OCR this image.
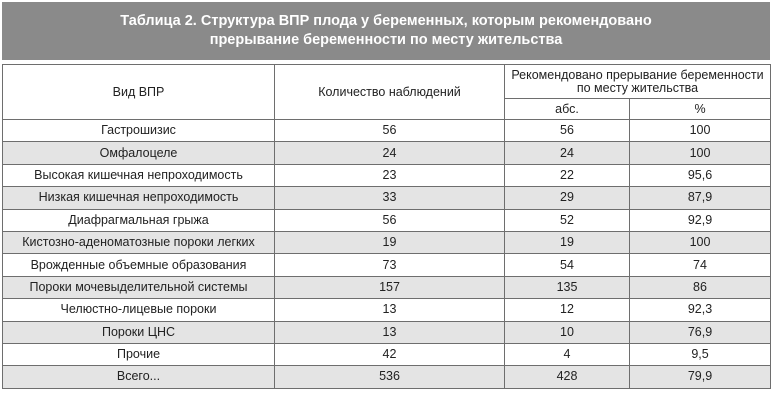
Таблица 2. Структура ВПР плода у беременных, которым рекомендовано
прерывание беременности по месту жительства
Вид ВПР	Количество наблюдений	Рекомендовано прерывание беременности по месту жительства	
		абс.	%
Гастрошизис	56	56	100
Омфалоцеле	24	24	100
Высокая кишечная непроходимость	23	22	95,6
Низкая кишечная непроходимость	33	29	87,9
Диафрагмальная грыжа	56	52	92,9
Кистозно-аденоматозные пороки легких	19	19	100
Врожденные объемные образования	73	54	74
Пороки мочевыделительной системы	157	135	86
Челюстно-лицевые пороки	13	12	92,3
Пороки ЦНС	13	10	76,9
Прочие	42	4	9,5
Всего...	536	428	79,9
